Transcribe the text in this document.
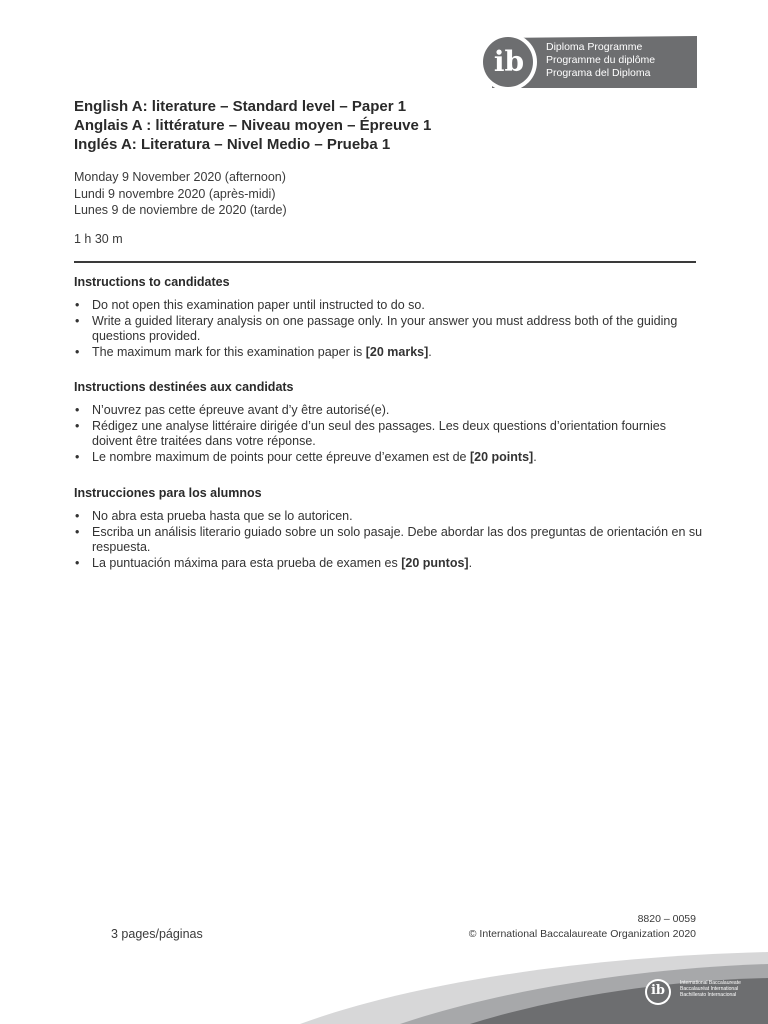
ib Diploma Programme
Programme du diplôme
Programa del Diploma
English A: literature – Standard level – Paper 1
Anglais A : littérature – Niveau moyen – Épreuve 1
Inglés A: Literatura – Nivel Medio – Prueba 1
Monday 9 November 2020 (afternoon)
Lundi 9 novembre 2020 (après-midi)
Lunes 9 de noviembre de 2020 (tarde)
1 h 30 m
Instructions to candidates
• Do not open this examination paper until instructed to do so.
• Write a guided literary analysis on one passage only. In your answer you must address both of the guiding questions provided.
• The maximum mark for this examination paper is [20 marks].
Instructions destinées aux candidats
• N’ouvrez pas cette épreuve avant d’y être autorisé(e).
• Rédigez une analyse littéraire dirigée d’un seul des passages. Les deux questions d’orientation fournies doivent être traitées dans votre réponse.
• Le nombre maximum de points pour cette épreuve d’examen est de [20 points].
Instrucciones para los alumnos
• No abra esta prueba hasta que se lo autoricen.
• Escriba un análisis literario guiado sobre un solo pasaje. Debe abordar las dos preguntas de orientación en su respuesta.
• La puntuación máxima para esta prueba de examen es [20 puntos].
3 pages/páginas
8820 – 0059
© International Baccalaureate Organization 2020
ib	International Baccalaureate
Baccalauréat International
Bachillerato Internacional
